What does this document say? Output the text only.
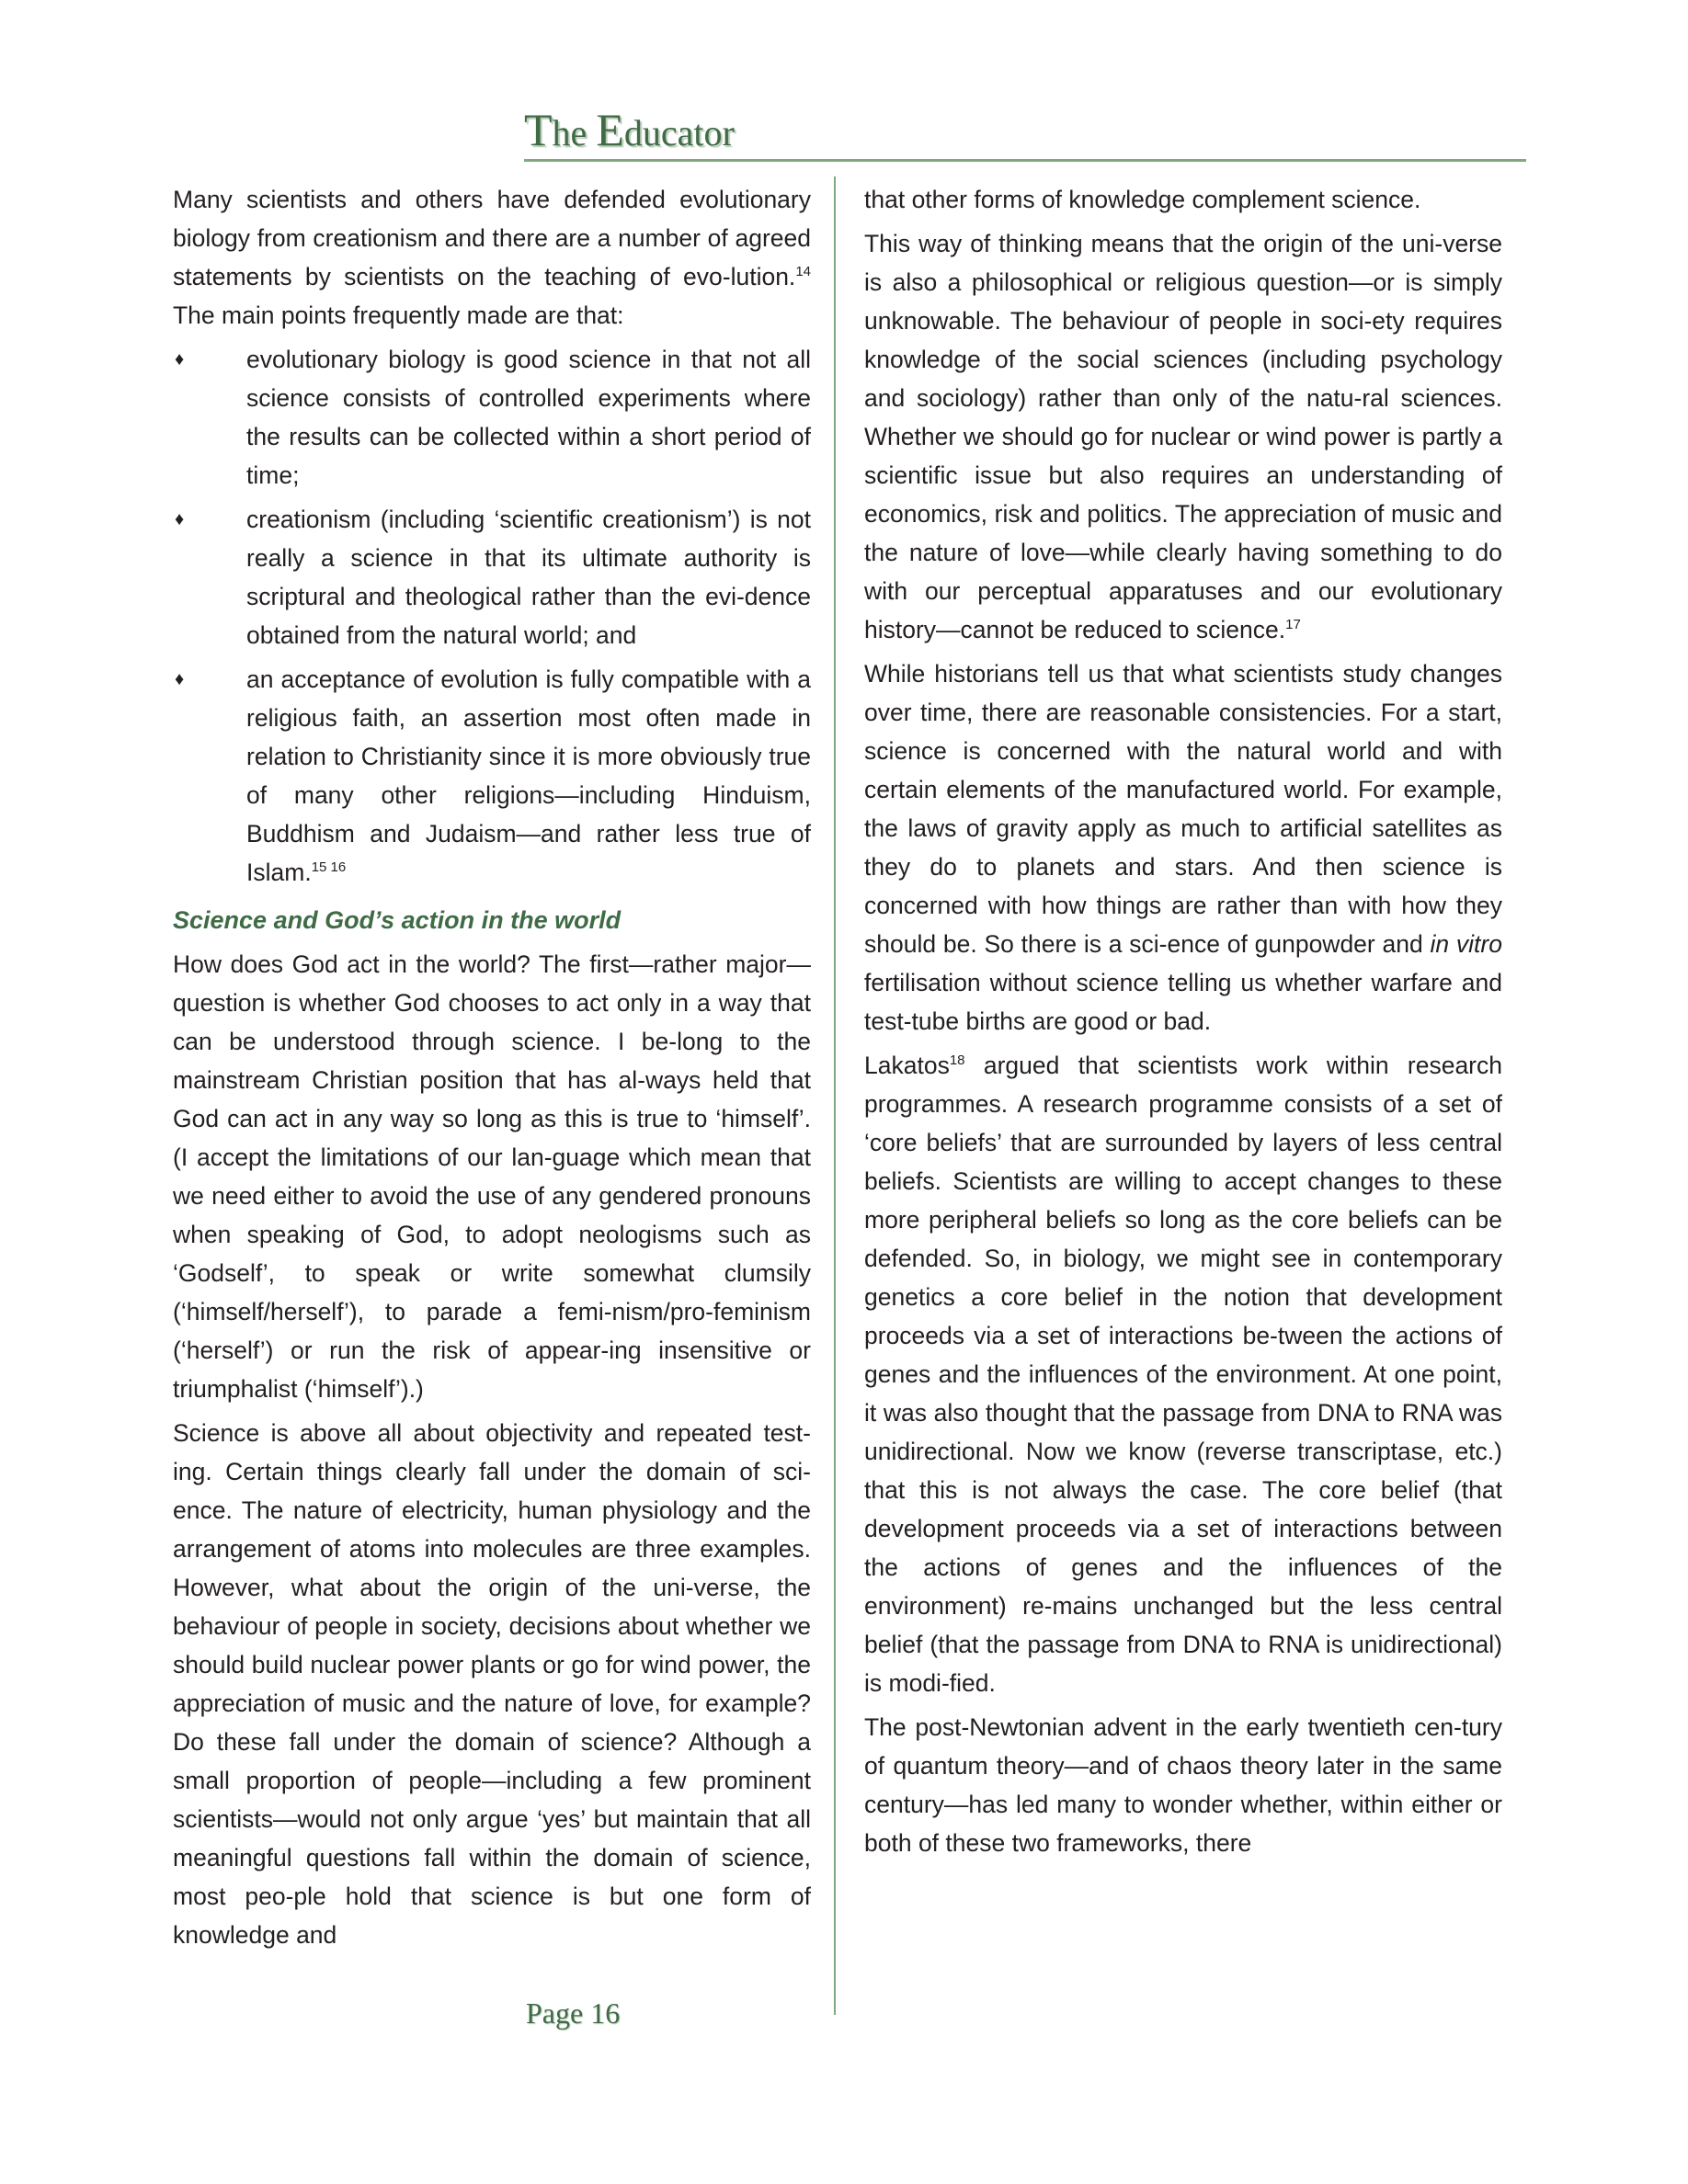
The Educator

Many scientists and others have defended evolutionary biology from creationism and there are a number of agreed statements by scientists on the teaching of evo-lution.$^{14}$ The main points frequently made are that:

♦	evolutionary biology is good science in that not all science consists of controlled experiments where the results can be collected within a short period of time;
♦	creationism (including ‘scientific creationism’) is not really a science in that its ultimate authority is scriptural and theological rather than the evi-dence obtained from the natural world; and
♦	an acceptance of evolution is fully compatible with a religious faith, an assertion most often made in relation to Christianity since it is more obviously true of many other religions—including Hinduism, Buddhism and Judaism—and rather less true of Islam.$^{15 16}$
Science and God’s action in the world

How does God act in the world? The first—rather major—question is whether God chooses to act only in a way that can be understood through science. I be-long to the mainstream Christian position that has al-ways held that God can act in any way so long as this is true to ‘himself’. (I accept the limitations of our lan-guage which mean that we need either to avoid the use of any gendered pronouns when speaking of God, to adopt neologisms such as ‘Godself’, to speak or write somewhat clumsily (‘himself/herself’), to parade a femi-nism/pro-feminism (‘herself’) or run the risk of appear-ing insensitive or triumphalist (‘himself’).)

Science is above all about objectivity and repeated test-ing. Certain things clearly fall under the domain of sci-ence. The nature of electricity, human physiology and the arrangement of atoms into molecules are three examples. However, what about the origin of the uni-verse, the behaviour of people in society, decisions about whether we should build nuclear power plants or go for wind power, the appreciation of music and the nature of love, for example? Do these fall under the domain of science? Although a small proportion of people—including a few prominent scientists—would not only argue ‘yes’ but maintain that all meaningful questions fall within the domain of science, most peo-ple hold that science is but one form of knowledge and

that other forms of knowledge complement science.

This way of thinking means that the origin of the uni-verse is also a philosophical or religious question—or is simply unknowable. The behaviour of people in soci-ety requires knowledge of the social sciences (including psychology and sociology) rather than only of the natu-ral sciences. Whether we should go for nuclear or wind power is partly a scientific issue but also requires an understanding of economics, risk and politics. The appreciation of music and the nature of love—while clearly having something to do with our perceptual apparatuses and our evolutionary history—cannot be reduced to science.$^{17}$

While historians tell us that what scientists study changes over time, there are reasonable consistencies. For a start, science is concerned with the natural world and with certain elements of the manufactured world. For example, the laws of gravity apply as much to artificial satellites as they do to planets and stars. And then science is concerned with how things are rather than with how they should be. So there is a sci-ence of gunpowder and in vitro fertilisation without science telling us whether warfare and test-tube births are good or bad.

Lakatos$^{18}$ argued that scientists work within research programmes. A research programme consists of a set of ‘core beliefs’ that are surrounded by layers of less central beliefs. Scientists are willing to accept changes to these more peripheral beliefs so long as the core beliefs can be defended. So, in biology, we might see in contemporary genetics a core belief in the notion that development proceeds via a set of interactions be-tween the actions of genes and the influences of the environment. At one point, it was also thought that the passage from DNA to RNA was unidirectional. Now we know (reverse transcriptase, etc.) that this is not always the case. The core belief (that development proceeds via a set of interactions between the actions of genes and the influences of the environment) re-mains unchanged but the less central belief (that the passage from DNA to RNA is unidirectional) is modi-fied.

The post-Newtonian advent in the early twentieth cen-tury of quantum theory—and of chaos theory later in the same century—has led many to wonder whether, within either or both of these two frameworks, there

Page 16
